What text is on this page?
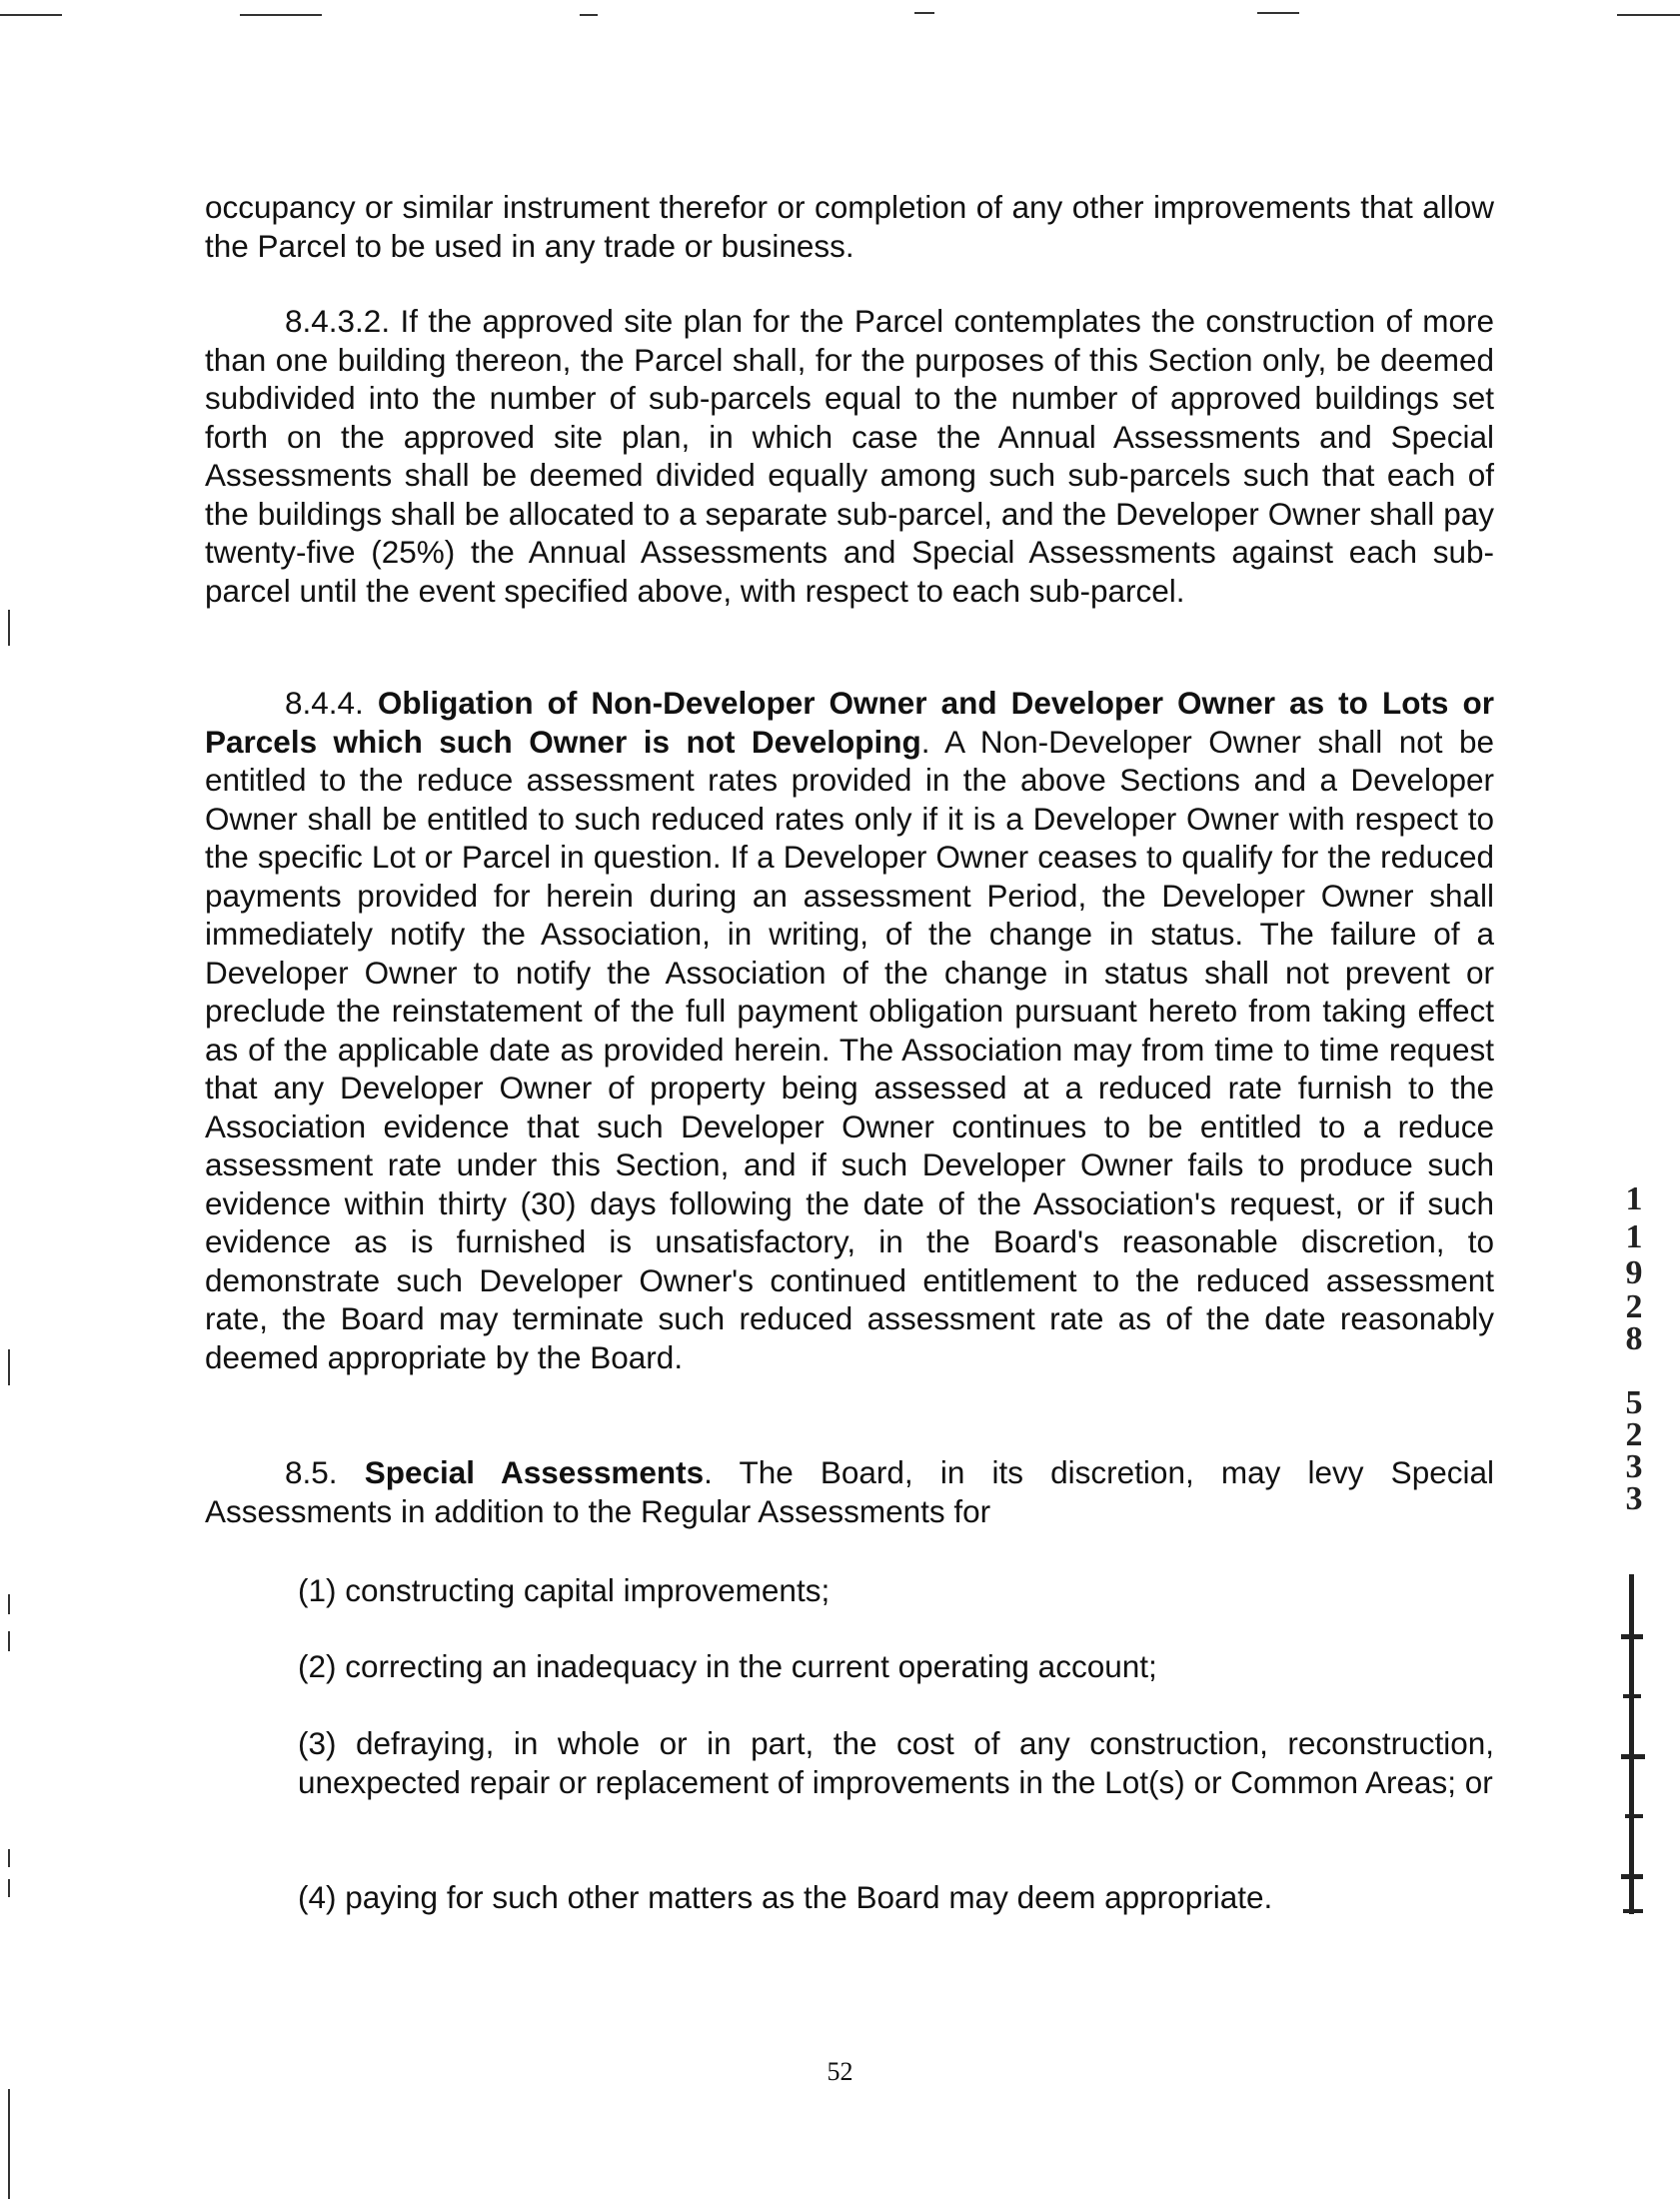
occupancy or similar instrument therefor or completion of any other improvements that allow the Parcel to be used in any trade or business.

8.4.3.2. If the approved site plan for the Parcel contemplates the construction of more than one building thereon, the Parcel shall, for the purposes of this Section only, be deemed subdivided into the number of sub-parcels equal to the number of approved buildings set forth on the approved site plan, in which case the Annual Assessments and Special Assessments shall be deemed divided equally among such sub-parcels such that each of the buildings shall be allocated to a separate sub-parcel, and the Developer Owner shall pay twenty-five (25%) the Annual Assessments and Special Assessments against each sub-parcel until the event specified above, with respect to each sub-parcel.

8.4.4. Obligation of Non-Developer Owner and Developer Owner as to Lots or Parcels which such Owner is not Developing. A Non-Developer Owner shall not be entitled to the reduce assessment rates provided in the above Sections and a Developer Owner shall be entitled to such reduced rates only if it is a Developer Owner with respect to the specific Lot or Parcel in question. If a Developer Owner ceases to qualify for the reduced payments provided for herein during an assessment Period, the Developer Owner shall immediately notify the Association, in writing, of the change in status. The failure of a Developer Owner to notify the Association of the change in status shall not prevent or preclude the reinstatement of the full payment obligation pursuant hereto from taking effect as of the applicable date as provided herein. The Association may from time to time request that any Developer Owner of property being assessed at a reduced rate furnish to the Association evidence that such Developer Owner continues to be entitled to a reduce assessment rate under this Section, and if such Developer Owner fails to produce such evidence within thirty (30) days following the date of the Association's request, or if such evidence as is furnished is unsatisfactory, in the Board's reasonable discretion, to demonstrate such Developer Owner's continued entitlement to the reduced assessment rate, the Board may terminate such reduced assessment rate as of the date reasonably deemed appropriate by the Board.

8.5. Special Assessments. The Board, in its discretion, may levy Special Assessments in addition to the Regular Assessments for

(1) constructing capital improvements;

(2) correcting an inadequacy in the current operating account;

(3) defraying, in whole or in part, the cost of any construction, reconstruction, unexpected repair or replacement of improvements in the Lot(s) or Common Areas; or

(4) paying for such other matters as the Board may deem appropriate.

52
1
1
9
2
8
5
2
3
3
